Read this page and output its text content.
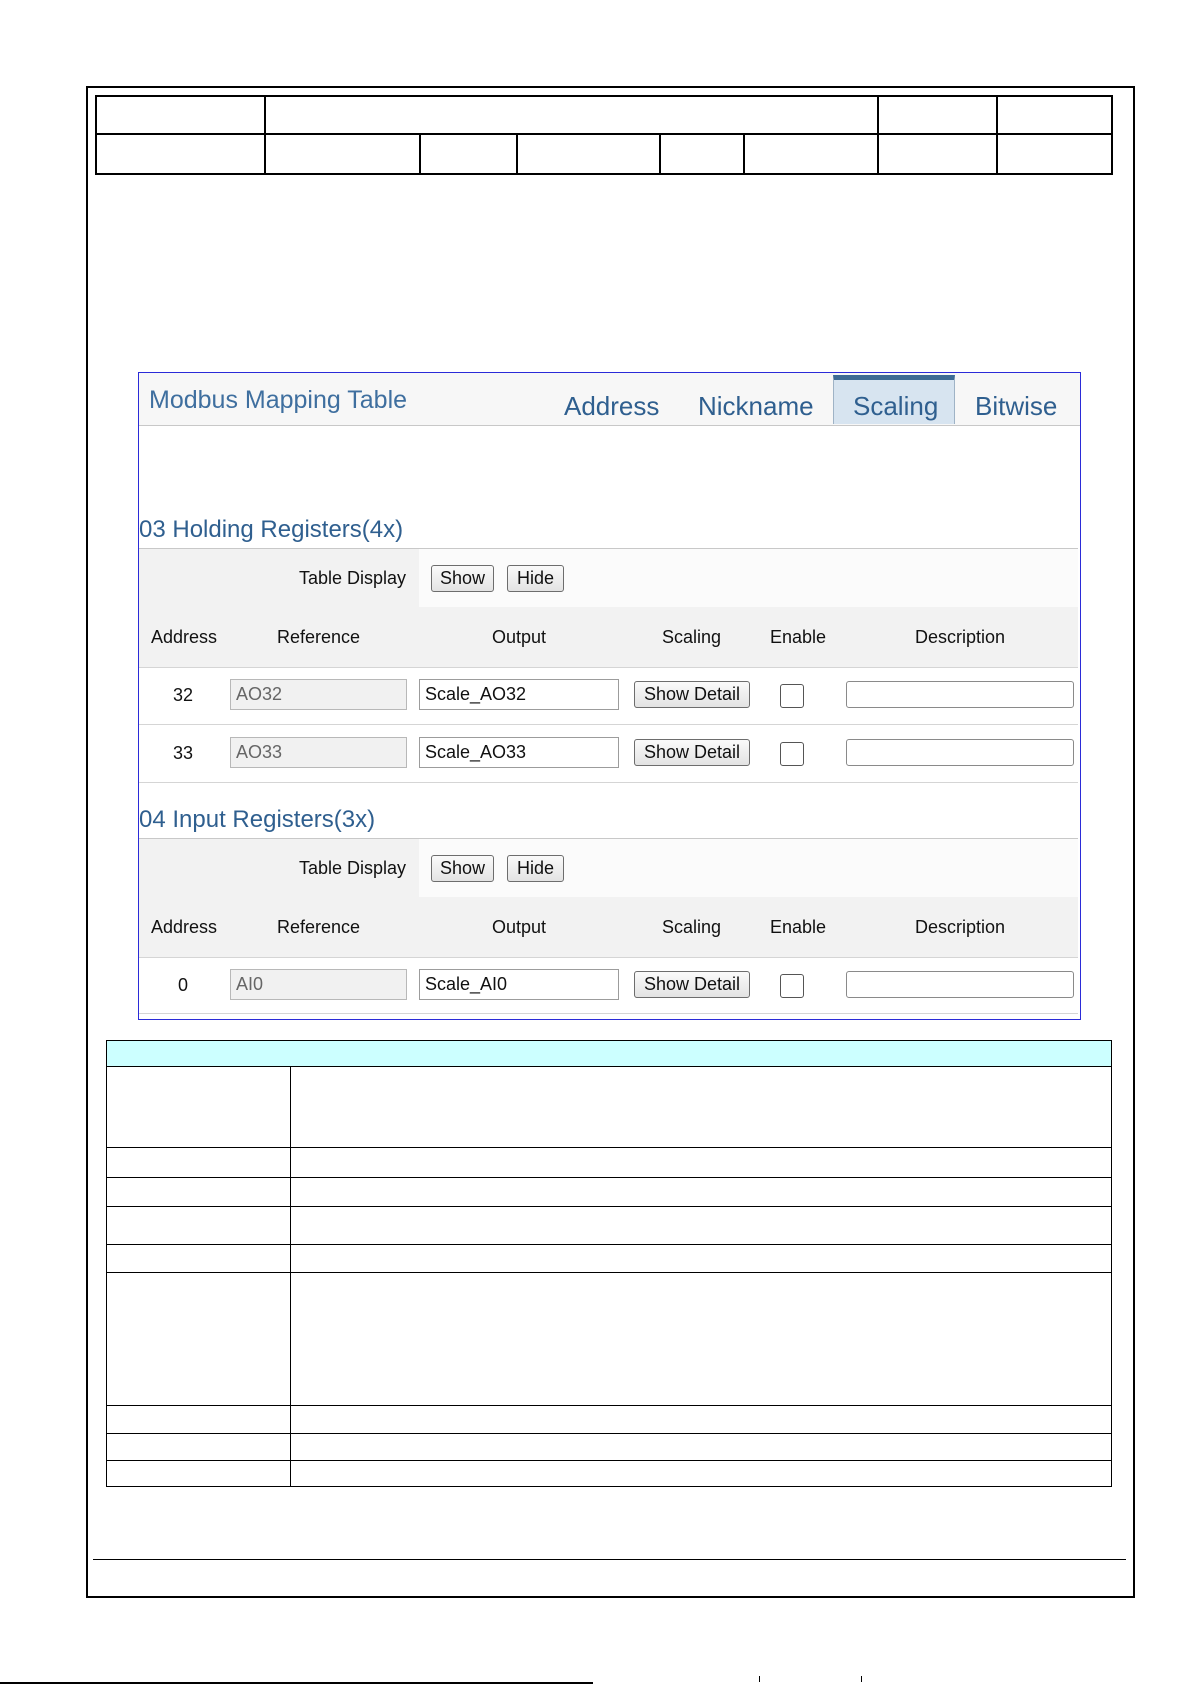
Modbus Mapping Table	Address Nickname Scaling Bitwise
03 Holding Registers(4x)
Table Display	Show	Hide
Address	Reference	Output	Scaling	Enable	Description
32	AO32	Scale_AO32	Show Detail
33	AO33	Scale_AO33	Show Detail
04 Input Registers(3x)
Table Display	Show	Hide
Address	Reference	Output	Scaling	Enable	Description
0	AI0	Scale_AI0	Show Detail
